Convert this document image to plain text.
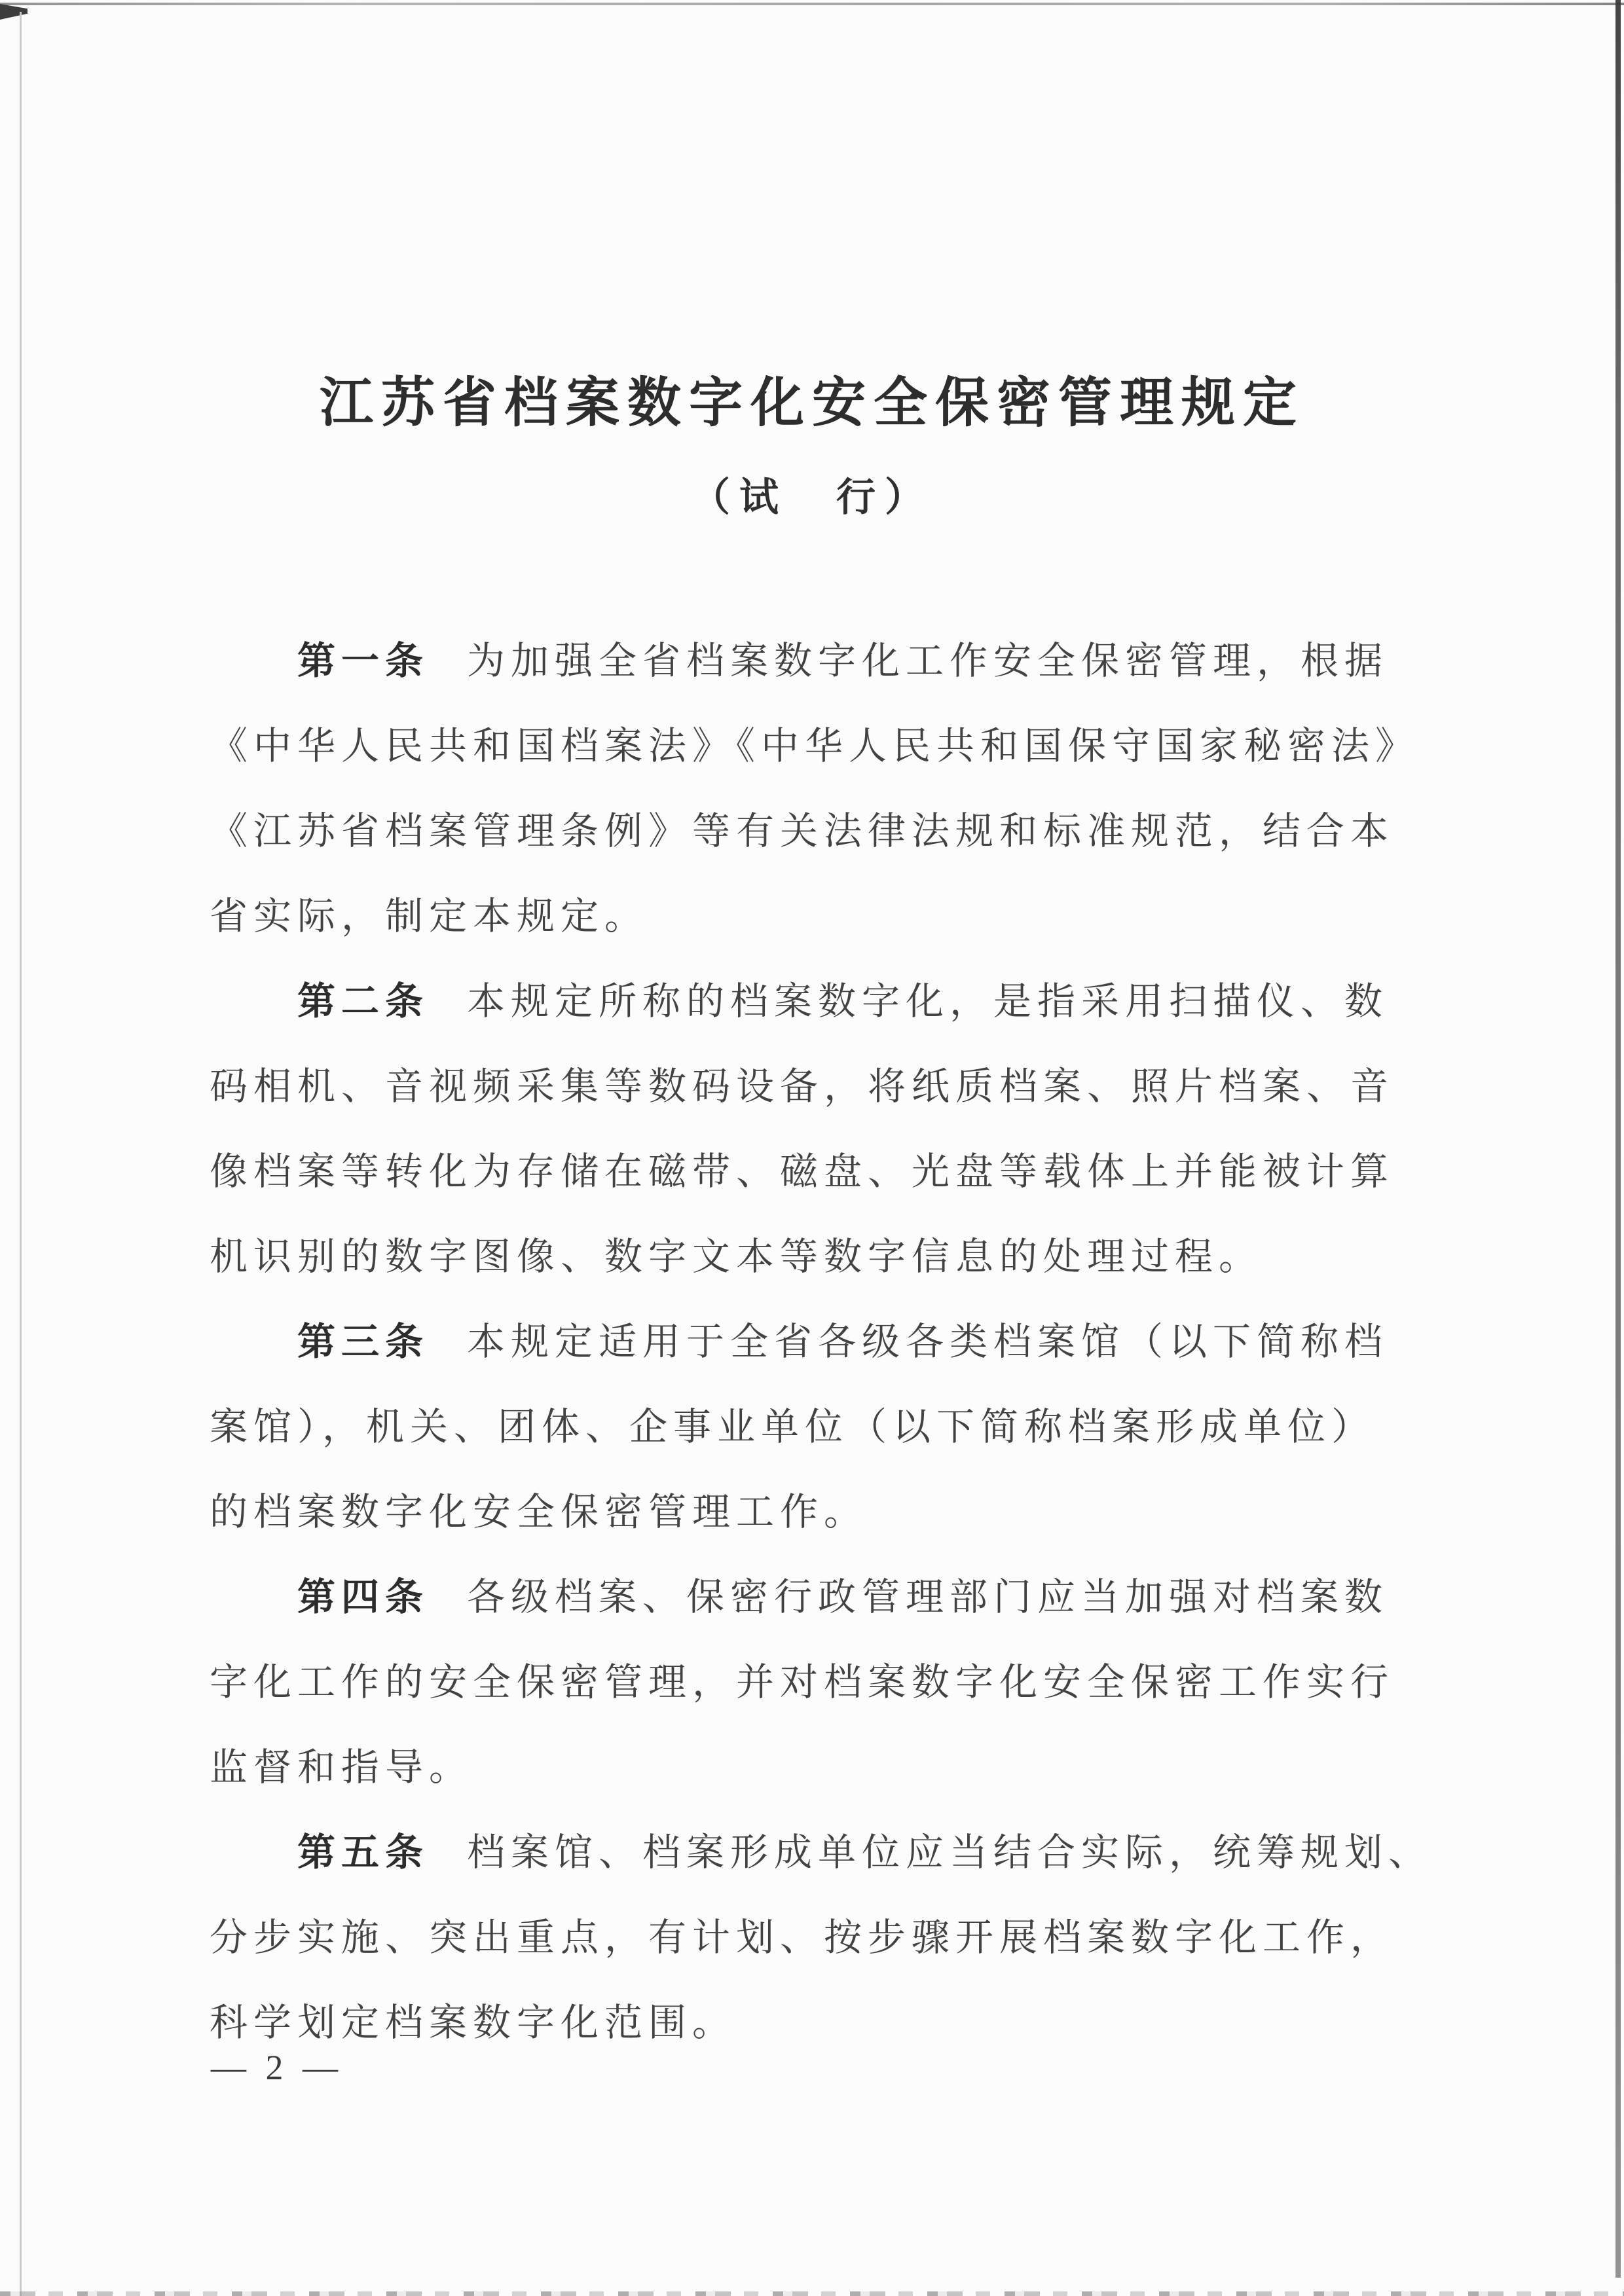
江苏省档案数字化安全保密管理规定
（试　行）
第一条 为加强全省档案数字化工作安全保密管理，根据
《中华人民共和国档案法》《中华人民共和国保守国家秘密法》
《江苏省档案管理条例》等有关法律法规和标准规范，结合本
省实际，制定本规定。
第二条 本规定所称的档案数字化，是指采用扫描仪、数
码相机、音视频采集等数码设备，将纸质档案、照片档案、音
像档案等转化为存储在磁带、磁盘、光盘等载体上并能被计算
机识别的数字图像、数字文本等数字信息的处理过程。
第三条 本规定适用于全省各级各类档案馆（以下简称档
案馆），机关、团体、企事业单位（以下简称档案形成单位）
的档案数字化安全保密管理工作。
第四条 各级档案、保密行政管理部门应当加强对档案数
字化工作的安全保密管理，并对档案数字化安全保密工作实行
监督和指导。
第五条 档案馆、档案形成单位应当结合实际，统筹规划、
分步实施、突出重点，有计划、按步骤开展档案数字化工作，
科学划定档案数字化范围。
— 2 —
